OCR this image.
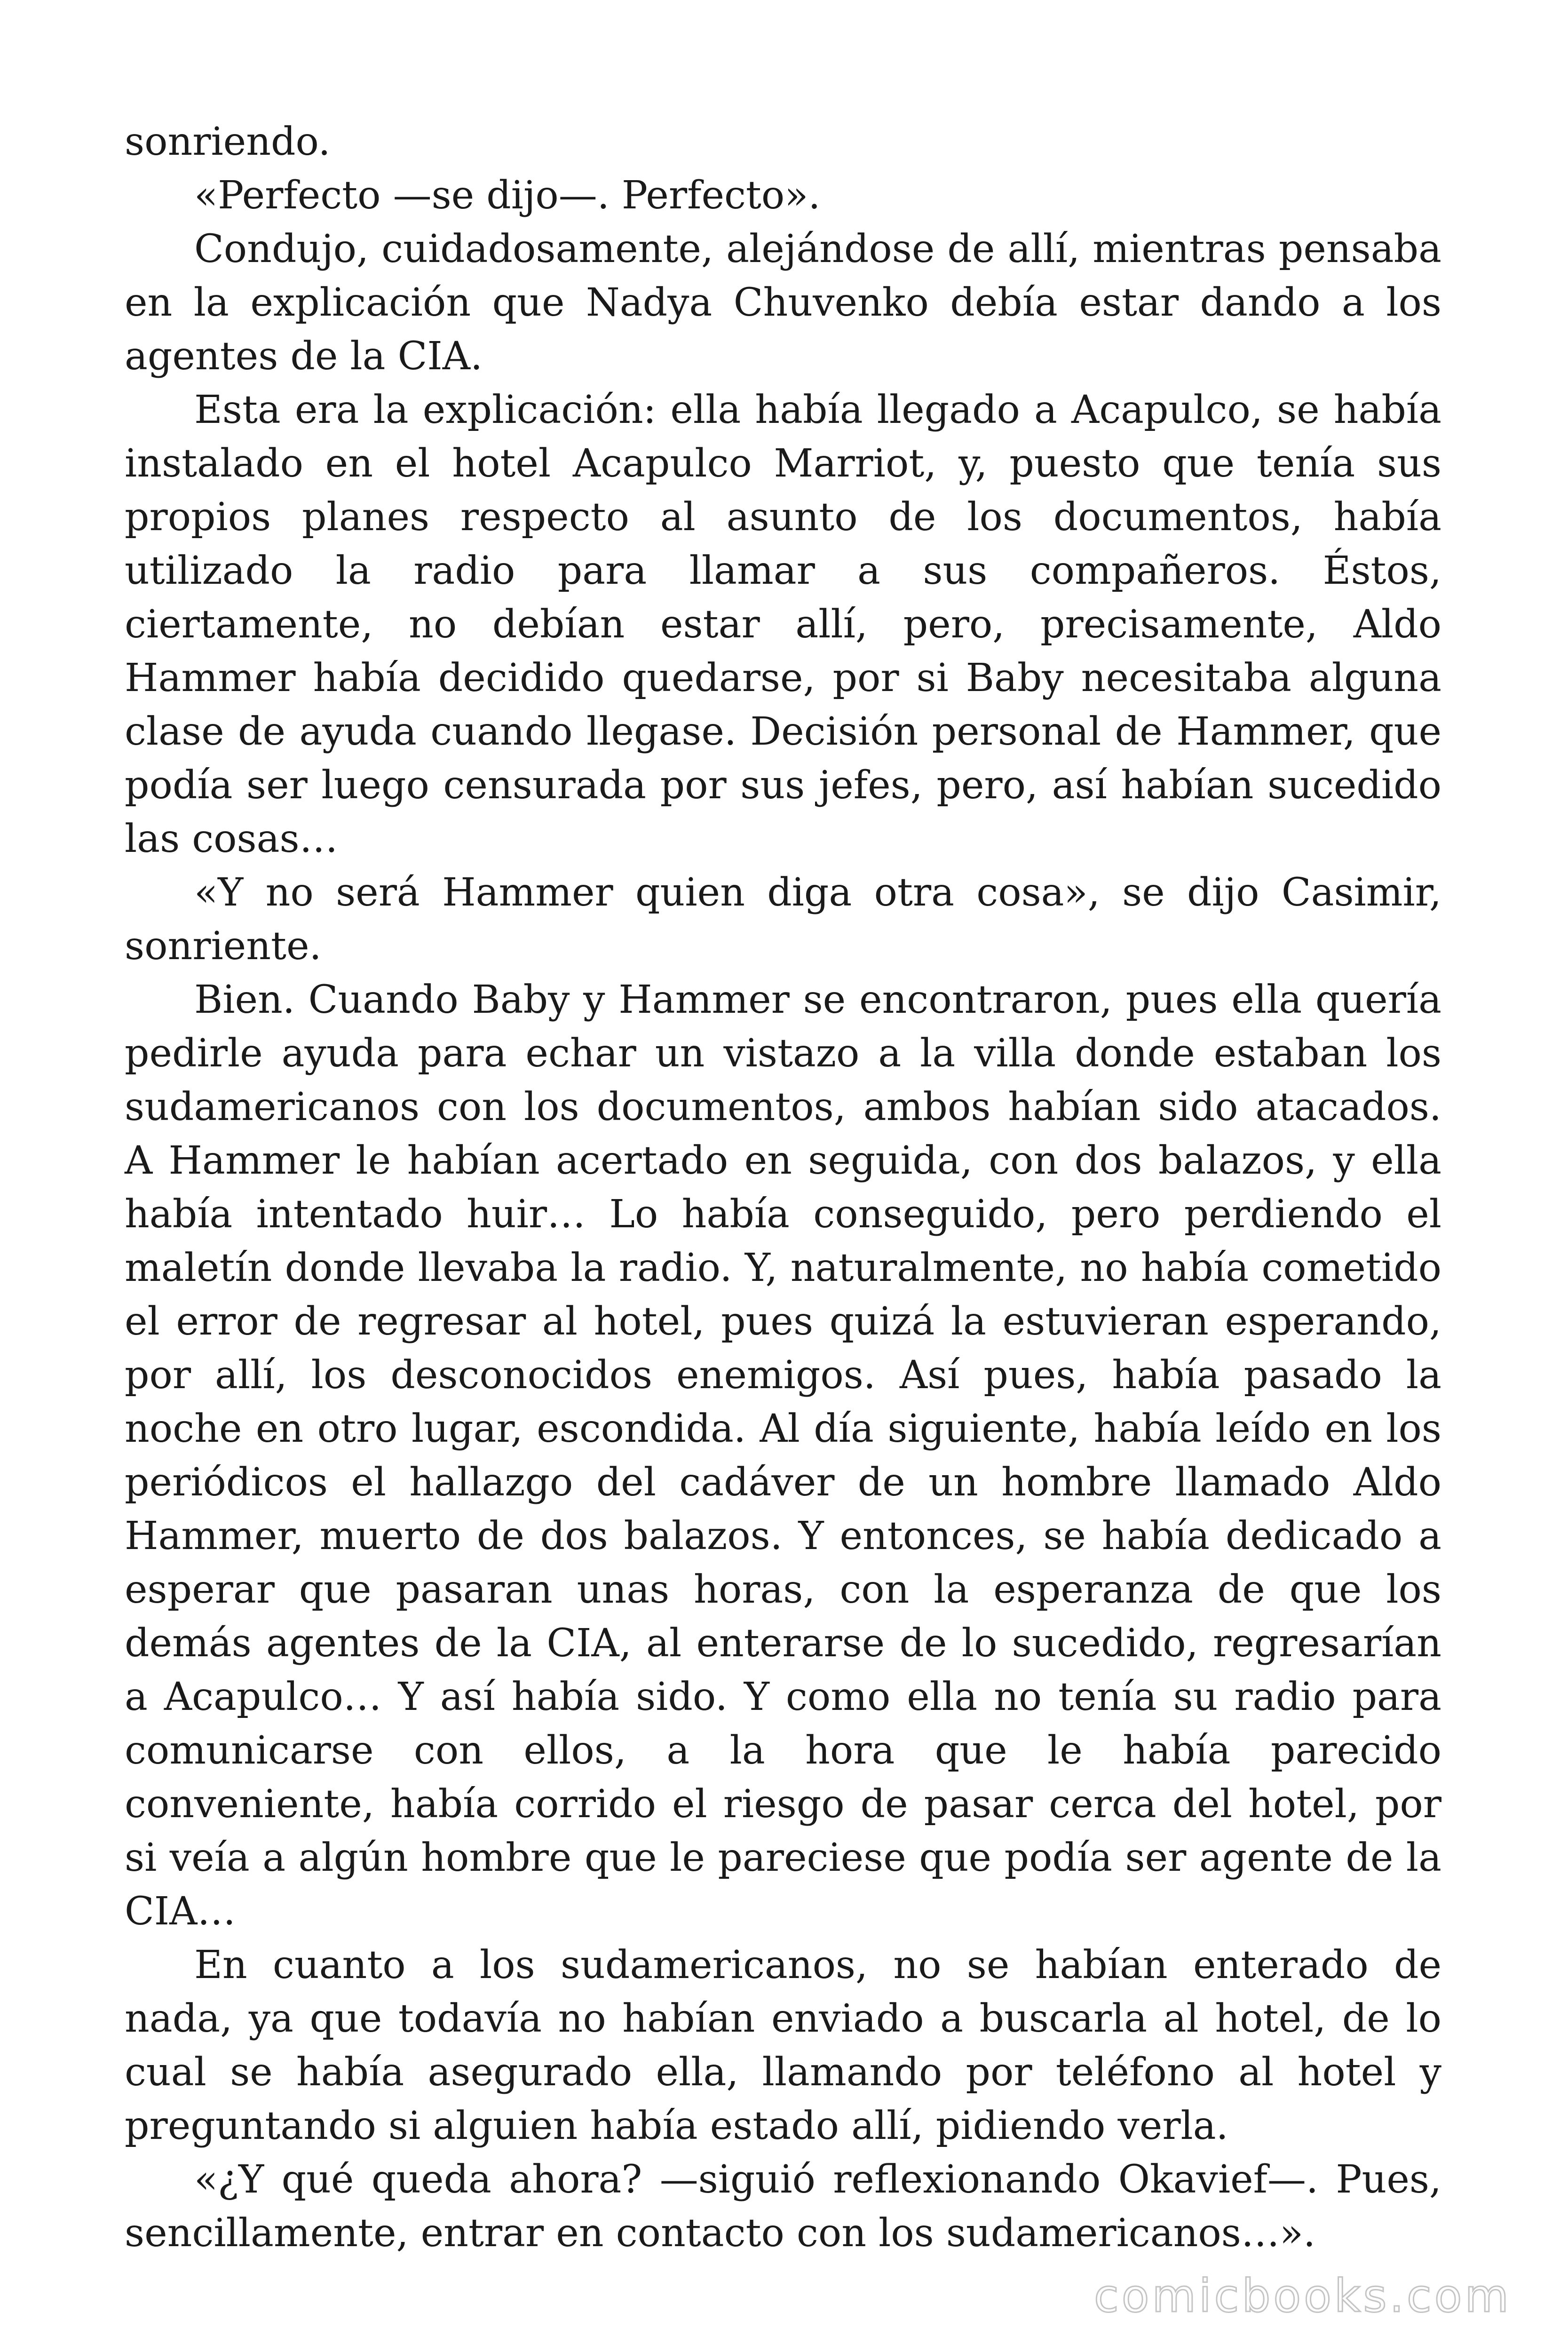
sonriendo.

«Perfecto —se dijo—. Perfecto».

Condujo, cuidadosamente, alejándose de allí, mientras pensaba en la explicación que Nadya Chuvenko debía estar dando a los agentes de la CIA.

Esta era la explicación: ella había llegado a Acapulco, se había instalado en el hotel Acapulco Marriot, y, puesto que tenía sus propios planes respecto al asunto de los documentos, había utilizado la radio para llamar a sus compañeros. Éstos, ciertamente, no debían estar allí, pero, precisamente, Aldo Hammer había decidido quedarse, por si Baby necesitaba alguna clase de ayuda cuando llegase. Decisión personal de Hammer, que podía ser luego censurada por sus jefes, pero, así habían sucedido las cosas…

«Y no será Hammer quien diga otra cosa», se dijo Casimir, sonriente.

Bien. Cuando Baby y Hammer se encontraron, pues ella quería pedirle ayuda para echar un vistazo a la villa donde estaban los sudamericanos con los documentos, ambos habían sido atacados. A Hammer le habían acertado en seguida, con dos balazos, y ella había intentado huir… Lo había conseguido, pero perdiendo el maletín donde llevaba la radio. Y, naturalmente, no había cometido el error de regresar al hotel, pues quizá la estuvieran esperando, por allí, los desconocidos enemigos. Así pues, había pasado la noche en otro lugar, escondida. Al día siguiente, había leído en los periódicos el hallazgo del cadáver de un hombre llamado Aldo Hammer, muerto de dos balazos. Y entonces, se había dedicado a esperar que pasaran unas horas, con la esperanza de que los demás agentes de la CIA, al enterarse de lo sucedido, regresarían a Acapulco… Y así había sido. Y como ella no tenía su radio para comunicarse con ellos, a la hora que le había parecido conveniente, había corrido el riesgo de pasar cerca del hotel, por si veía a algún hombre que le pareciese que podía ser agente de la CIA…

En cuanto a los sudamericanos, no se habían enterado de nada, ya que todavía no habían enviado a buscarla al hotel, de lo cual se había asegurado ella, llamando por teléfono al hotel y preguntando si alguien había estado allí, pidiendo verla.

«¿Y qué queda ahora? —siguió reflexionando Okavief—. Pues, sencillamente, entrar en contacto con los sudamericanos…».

comicbooks.com
